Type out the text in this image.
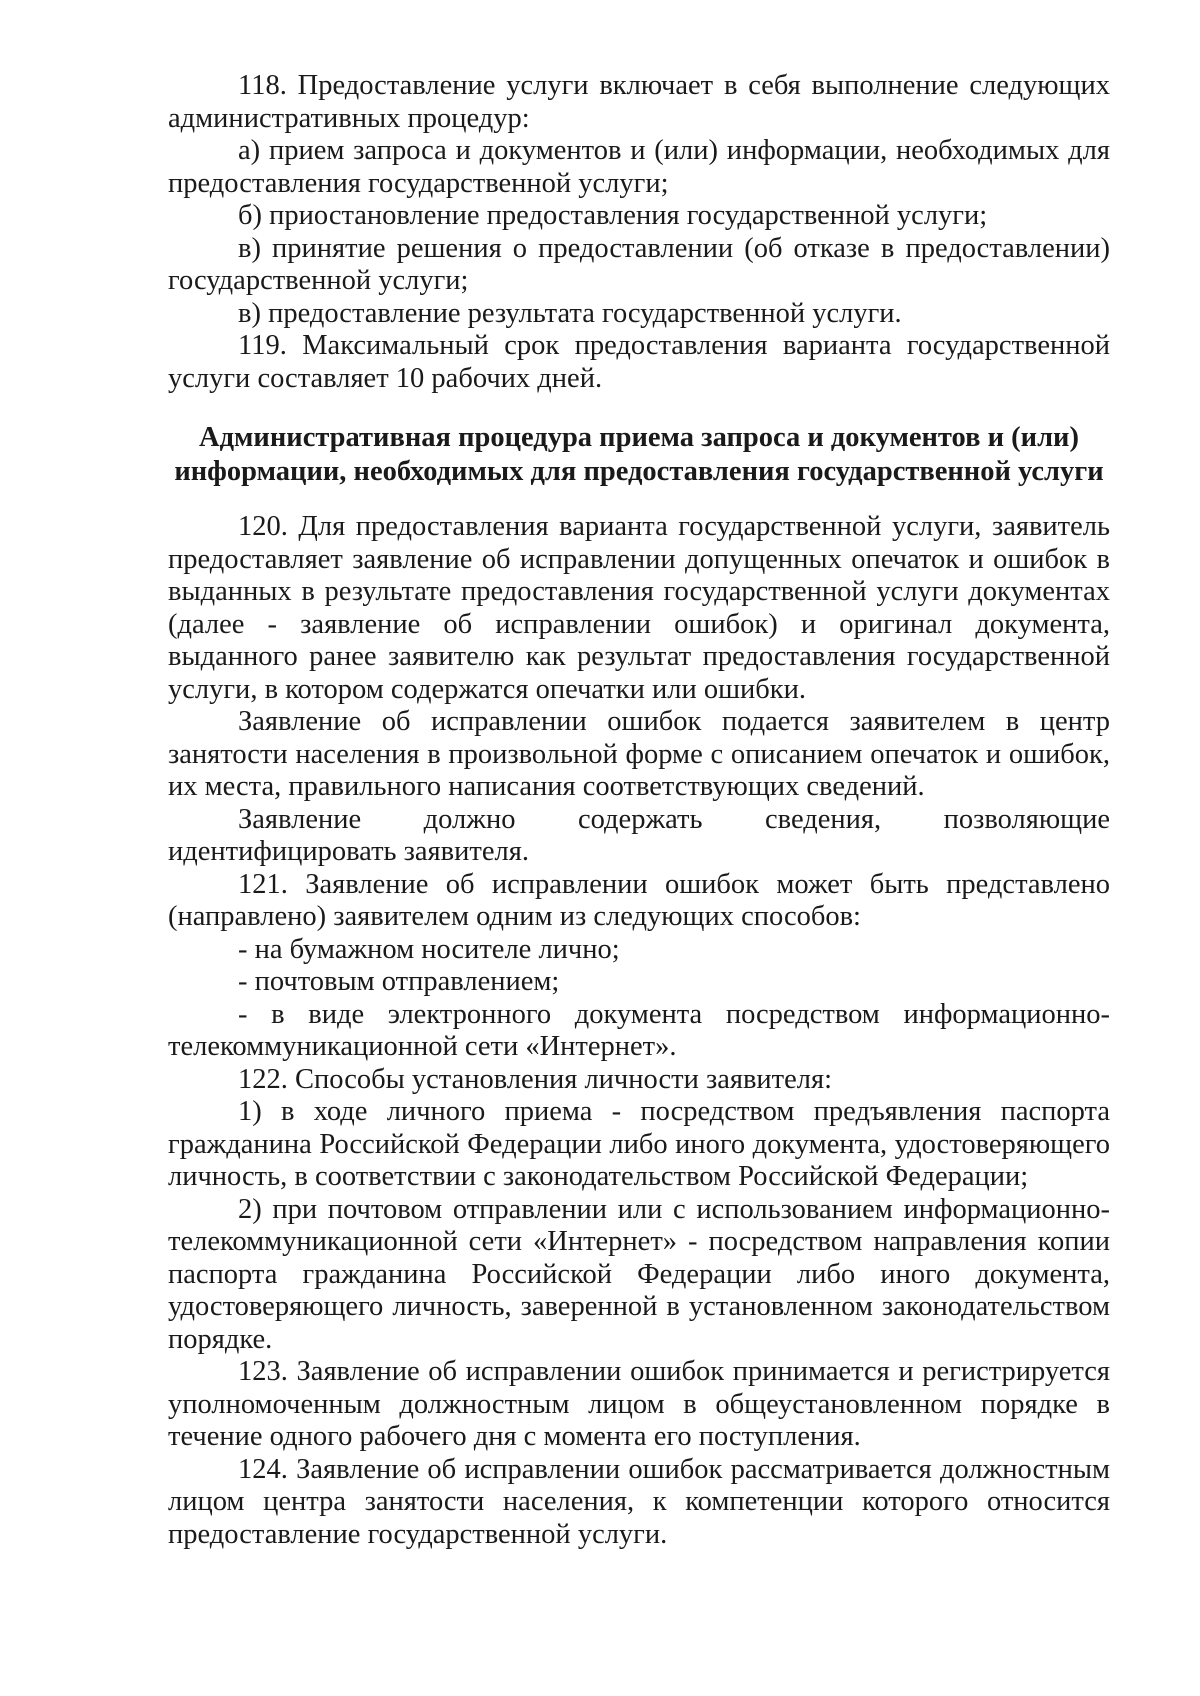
118. Предоставление услуги включает в себя выполнение следующих административных процедур:

а) прием запроса и документов и (или) информации, необходимых для предоставления государственной услуги;

б) приостановление предоставления государственной услуги;

в) принятие решения о предоставлении (об отказе в предоставлении) государственной услуги;

в) предоставление результата государственной услуги.

119. Максимальный срок предоставления варианта государственной услуги составляет 10 рабочих дней.

Административная процедура приема запроса и документов и (или)
информации, необходимых для предоставления государственной услуги

120. Для предоставления варианта государственной услуги, заявитель предоставляет заявление об исправлении допущенных опечаток и ошибок в выданных в результате предоставления государственной услуги документах (далее - заявление об исправлении ошибок) и оригинал документа, выданного ранее заявителю как результат предоставления государственной услуги, в котором содержатся опечатки или ошибки.

Заявление об исправлении ошибок подается заявителем в центр занятости населения в произвольной форме с описанием опечаток и ошибок, их места, правильного написания соответствующих сведений.

Заявление должно содержать сведения, позволяющие идентифицировать заявителя.

121. Заявление об исправлении ошибок может быть представлено (направлено) заявителем одним из следующих способов:

- на бумажном носителе лично;

- почтовым отправлением;

- в виде электронного документа посредством информационно-телекоммуникационной сети «Интернет».

122. Способы установления личности заявителя:

1) в ходе личного приема - посредством предъявления паспорта гражданина Российской Федерации либо иного документа, удостоверяющего личность, в соответствии с законодательством Российской Федерации;

2) при почтовом отправлении или с использованием информационно-телекоммуникационной сети «Интернет» - посредством направления копии паспорта гражданина Российской Федерации либо иного документа, удостоверяющего личность, заверенной в установленном законодательством порядке.

123. Заявление об исправлении ошибок принимается и регистрируется уполномоченным должностным лицом в общеустановленном порядке в течение одного рабочего дня с момента его поступления.

124. Заявление об исправлении ошибок рассматривается должностным лицом центра занятости населения, к компетенции которого относится предоставление государственной услуги.
